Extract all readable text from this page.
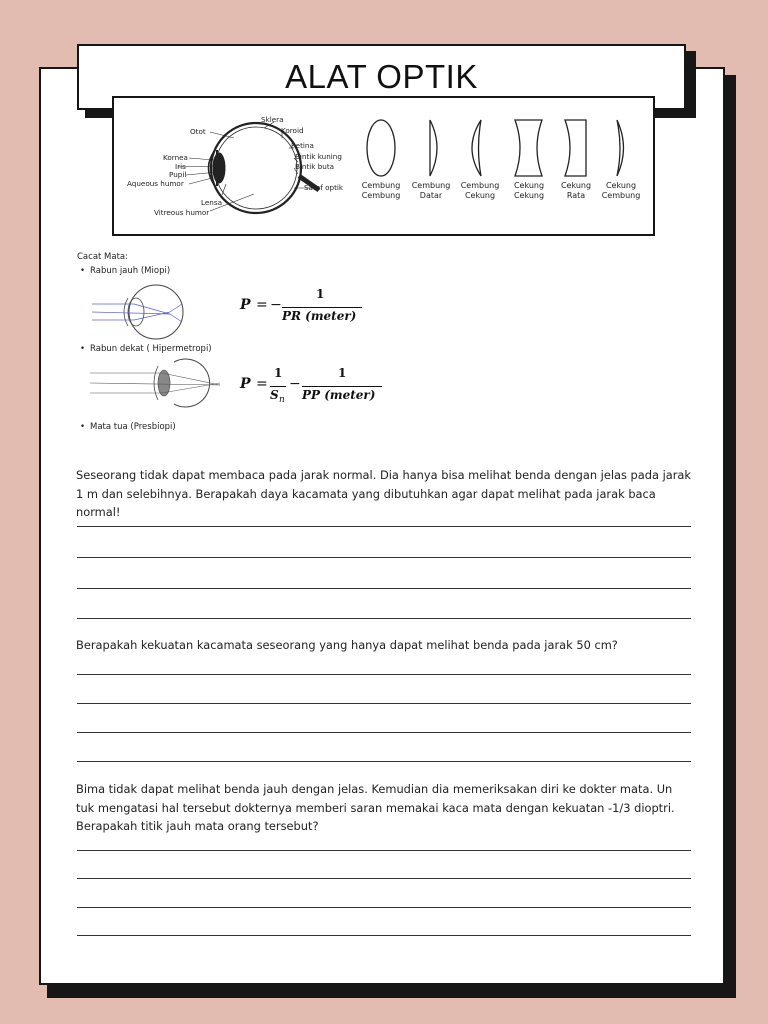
ALAT OPTIK
Otot
Sklera
Koroid
Retina
Bintik kuning
Bintik buta
Kornea
Iris
Pupil
Aqueous humor	Saraf optik
Lensa
Vitreous humor
Cembung
Cembung
Cembung
Datar
Cembung
Cekung
Cekung
Cekung
Cekung
Rata
Cekung
Cembung
Cacat Mata:
• Rabun jauh (Miopi)
P = −
1
PR (meter)
• Rabun dekat ( Hipermetropi)
P =
1
S n
−
1
PP (meter)
• Mata tua (Presbiopi)
Seseorang tidak dapat membaca pada jarak normal. Dia hanya bisa melihat benda dengan jelas pada jarak 1 m dan selebihnya. Berapakah daya kacamata yang dibutuhkan agar dapat melihat pada jarak baca normal!
Berapakah kekuatan kacamata seseorang yang hanya dapat melihat benda pada jarak 50 cm?
Bima tidak dapat melihat benda jauh dengan jelas. Kemudian dia memeriksakan diri ke dokter mata. Un tuk mengatasi hal tersebut dokternya memberi saran memakai kaca mata dengan kekuatan -1/3 dioptri. Berapakah titik jauh mata orang tersebut?
